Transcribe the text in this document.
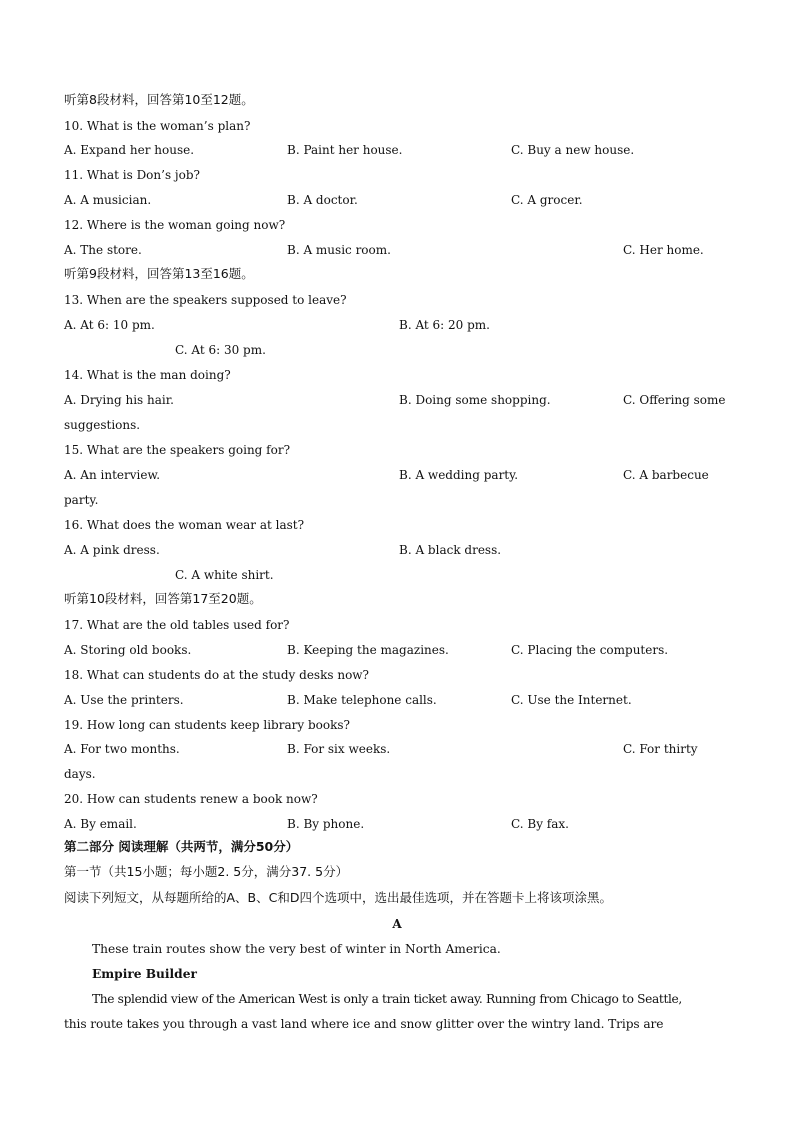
听第8段材料，回答第10至12题。
10. What is the woman’s plan?
A. Expand her house.	B. Paint her house.	C. Buy a new house.
11. What is Don’s job?
A. A musician.	B. A doctor.	C. A grocer.
12. Where is the woman going now?
A. The store.	B. A music room.	C. Her home.
听第9段材料，回答第13至16题。
13. When are the speakers supposed to leave?
A. At 6: 10 pm.	B. At 6: 20 pm.
C. At 6: 30 pm.
14. What is the man doing?
A. Drying his hair.	B. Doing some shopping.	C. Offering some
suggestions.
15. What are the speakers going for?
A. An interview.	B. A wedding party.	C. A barbecue
party.
16. What does the woman wear at last?
A. A pink dress.	B. A black dress.
C. A white shirt.
听第10段材料，回答第17至20题。
17. What are the old tables used for?
A. Storing old books.	B. Keeping the magazines.	C. Placing the computers.
18. What can students do at the study desks now?
A. Use the printers.	B. Make telephone calls.	C. Use the Internet.
19. How long can students keep library books?
A. For two months.	B. For six weeks.	C. For thirty
days.
20. How can students renew a book now?
A. By email.	B. By phone.	C. By fax.
第二部分 阅读理解（共两节，满分50分）
第一节（共15小题；每小题2. 5分，满分37. 5分）
阅读下列短文，从每题所给的A、B、C和D四个选项中，选出最佳选项，并在答题卡上将该项涂黑。
A
These train routes show the very best of winter in North America.
Empire Builder
The splendid view of the American West is only a train ticket away. Running from Chicago to Seattle,
this route takes you through a vast land where ice and snow glitter over the wintry land. Trips are
